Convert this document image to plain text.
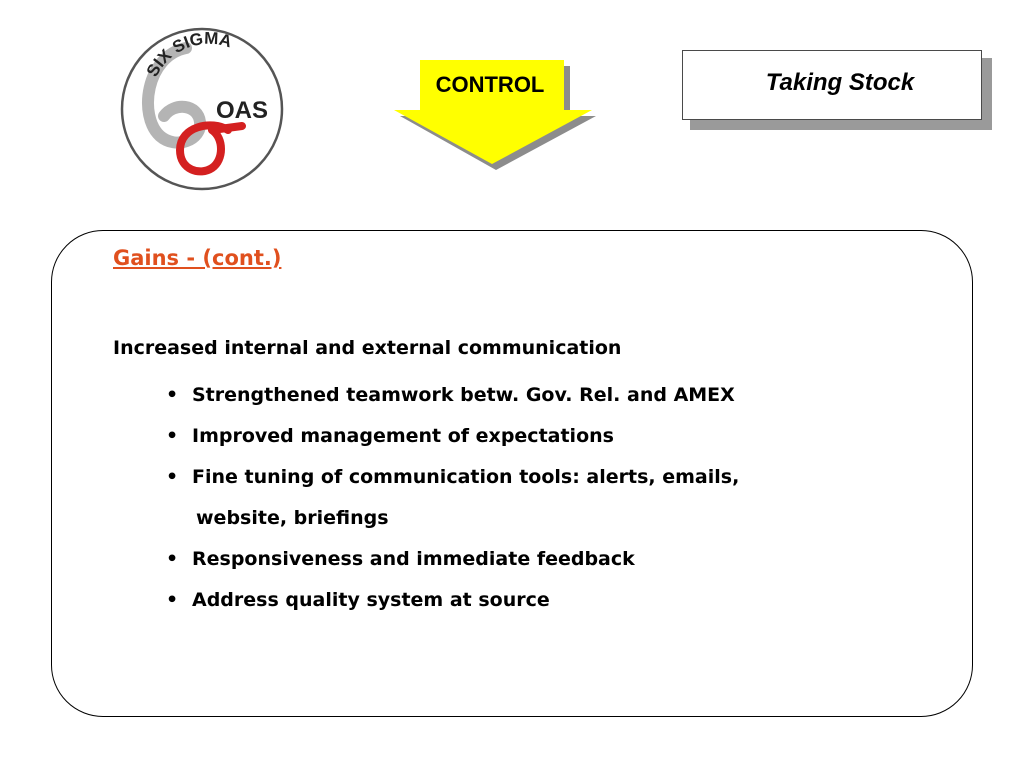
SIX SIGMA
OAS
CONTROL	Taking Stock
Gains - (cont.)
Increased internal and external communication
• Strengthened teamwork betw. Gov. Rel. and AMEX
• Improved management of expectations
• Fine tuning of communication tools: alerts, emails,
website, briefings
• Responsiveness and immediate feedback
• Address quality system at source
